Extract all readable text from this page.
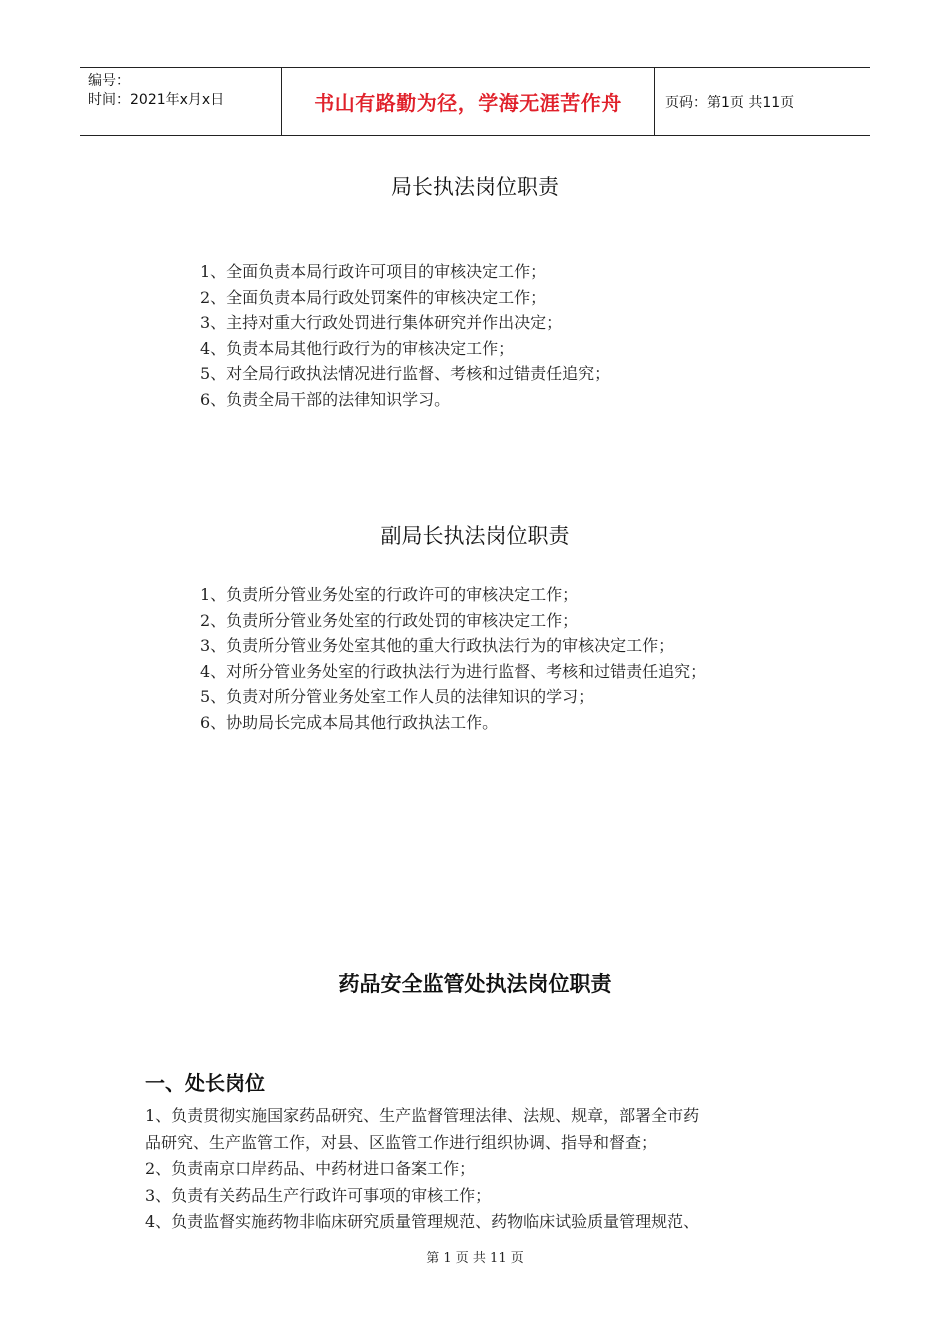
编号：
时间：2021年x月x日	书山有路勤为径，学海无涯苦作舟	页码：第1页 共11页
局长执法岗位职责
1、全面负责本局行政许可项目的审核决定工作；
2、全面负责本局行政处罚案件的审核决定工作；
3、主持对重大行政处罚进行集体研究并作出决定；
4、负责本局其他行政行为的审核决定工作；
5、对全局行政执法情况进行监督、考核和过错责任追究；
6、负责全局干部的法律知识学习。
副局长执法岗位职责
1、负责所分管业务处室的行政许可的审核决定工作；
2、负责所分管业务处室的行政处罚的审核决定工作；
3、负责所分管业务处室其他的重大行政执法行为的审核决定工作；
4、对所分管业务处室的行政执法行为进行监督、考核和过错责任追究；
5、负责对所分管业务处室工作人员的法律知识的学习；
6、协助局长完成本局其他行政执法工作。
药品安全监管处执法岗位职责
一、处长岗位
1、负责贯彻实施国家药品研究、生产监督管理法律、法规、规章，部署全市药
品研究、生产监管工作，对县、区监管工作进行组织协调、指导和督查；
2、负责南京口岸药品、中药材进口备案工作；
3、负责有关药品生产行政许可事项的审核工作；
4、负责监督实施药物非临床研究质量管理规范、药物临床试验质量管理规范、
第 1 页 共 11 页
